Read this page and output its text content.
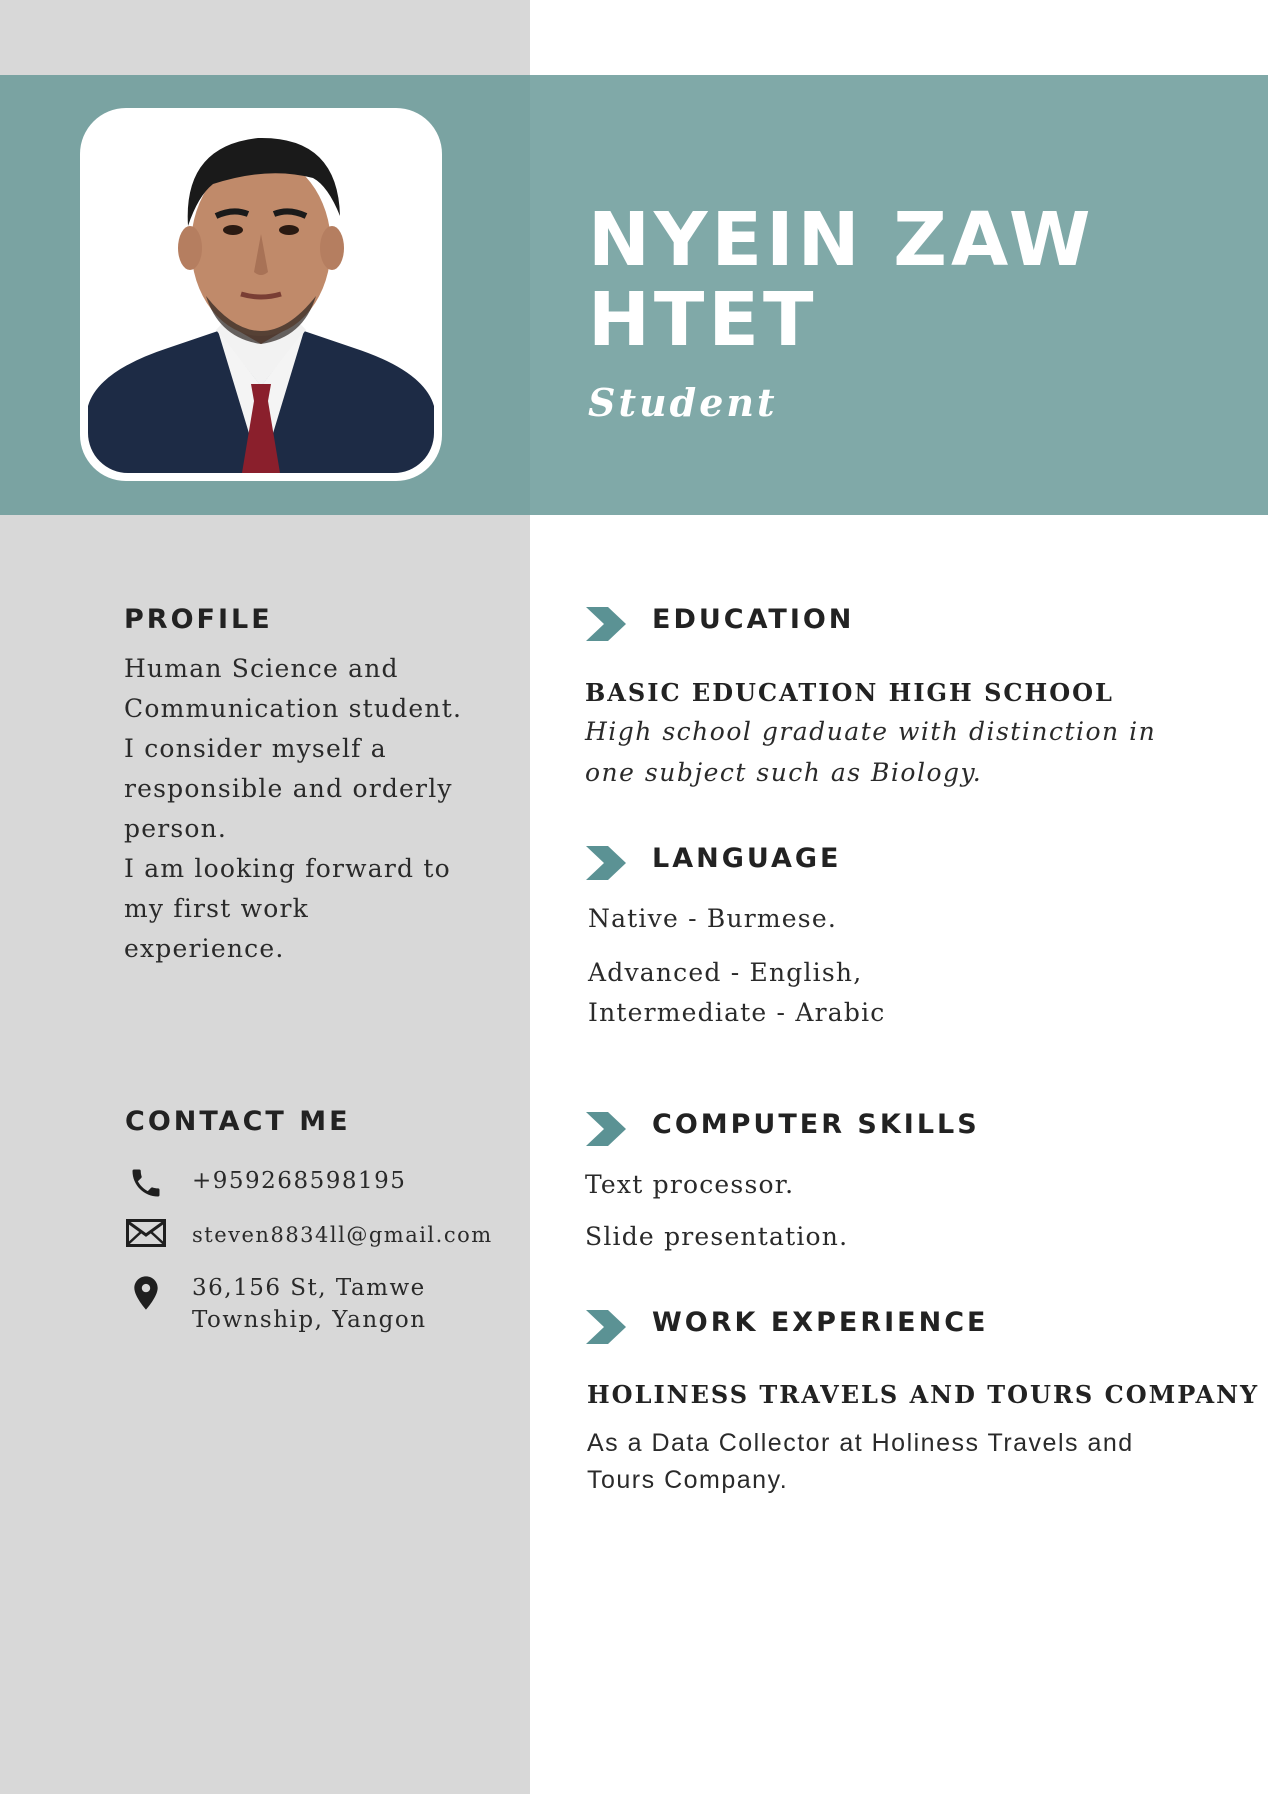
NYEIN ZAW
HTET

Student

PROFILE

Human Science and
Communication student.
I consider myself a
responsible and orderly
person.
I am looking forward to
my first work
experience.

CONTACT ME
+959268598195
steven8834ll@gmail.com
36,156 St, Tamwe
Township, Yangon
EDUCATION

BASIC EDUCATION HIGH SCHOOL

High school graduate with distinction in
one subject such as Biology.

LANGUAGE

Native - Burmese.

Advanced - English,
Intermediate - Arabic

COMPUTER SKILLS

Text processor.

Slide presentation.

WORK EXPERIENCE

HOLINESS TRAVELS AND TOURS COMPANY

As a Data Collector at Holiness Travels and
Tours Company.
